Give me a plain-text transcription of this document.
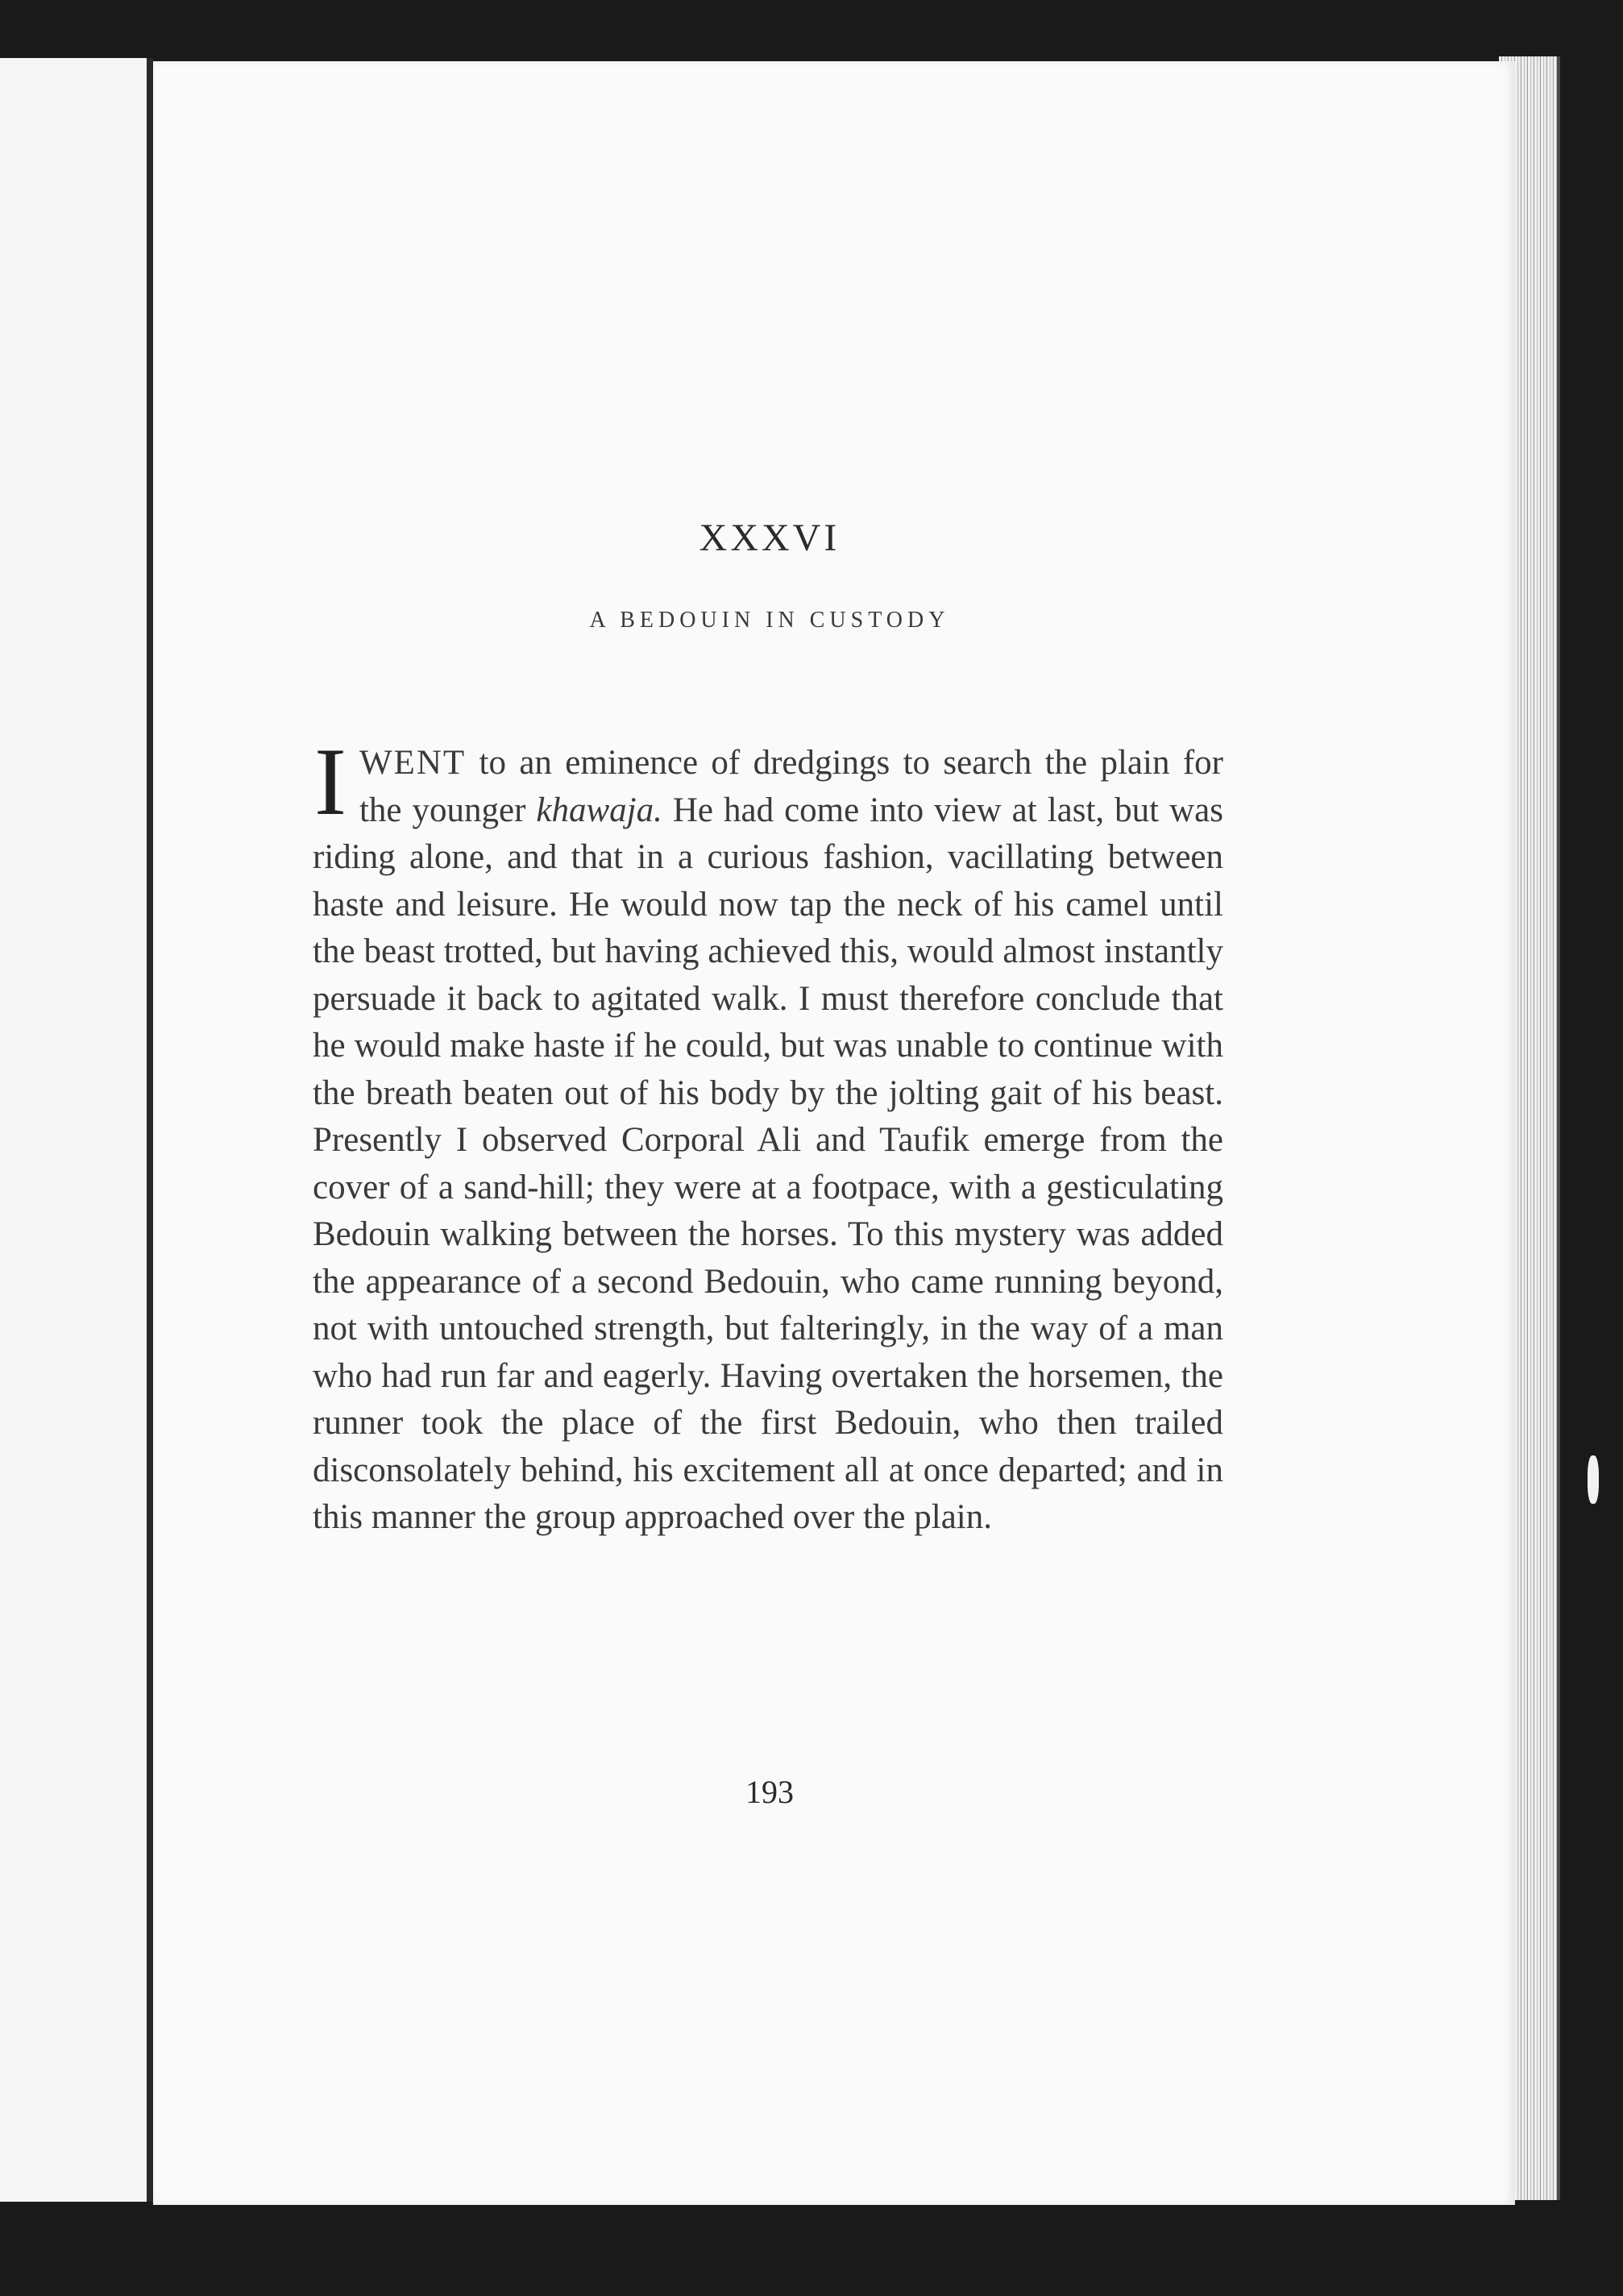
XXXVI
A BEDOUIN IN CUSTODY

IWENT to an eminence of dredgings to search the plain for the younger khawaja. He had come into view at last, but was riding alone, and that in a curious fashion, vacillating between haste and leisure. He would now tap the neck of his camel until the beast trotted, but having achieved this, would almost instantly persuade it back to agitated walk. I must therefore conclude that he would make haste if he could, but was unable to continue with the breath beaten out of his body by the jolting gait of his beast. Presently I observed Corporal Ali and Taufik emerge from the cover of a sand-hill; they were at a footpace, with a gesticulating Bedouin walking between the horses. To this mystery was added the appearance of a second Bedouin, who came running beyond, not with untouched strength, but falteringly, in the way of a man who had run far and eagerly. Having overtaken the horsemen, the runner took the place of the first Bedouin, who then trailed disconsolately behind, his excitement all at once departed; and in this manner the group approached over the plain.

193
